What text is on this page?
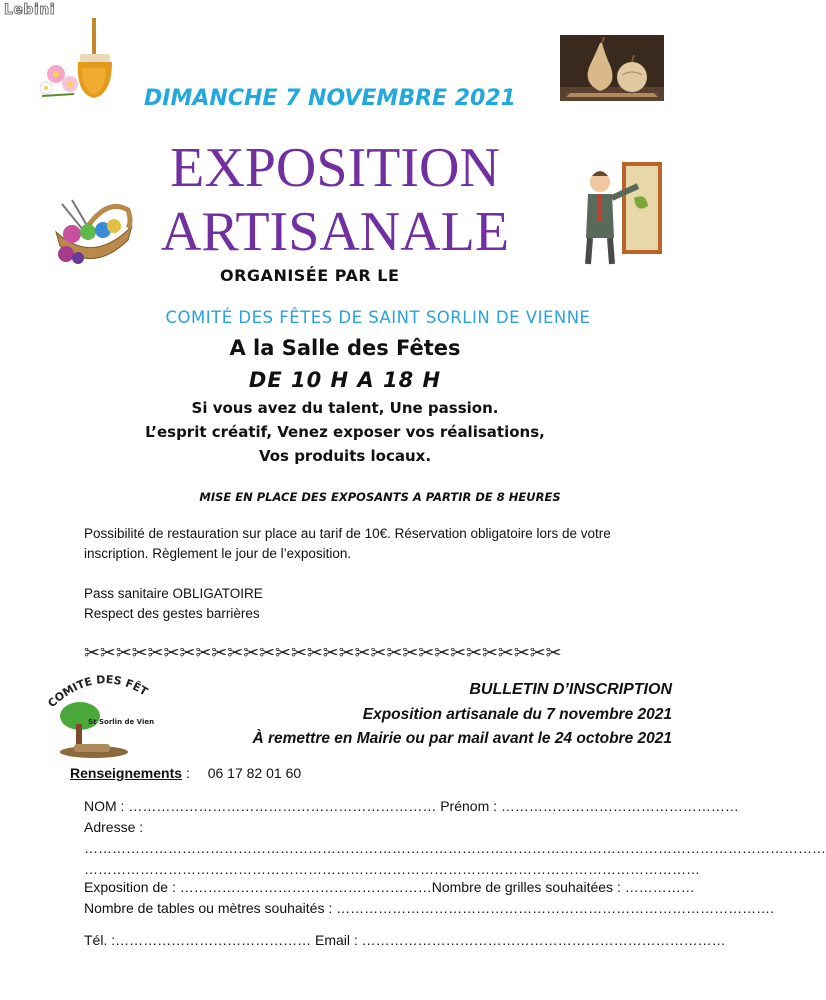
Lebini
DIMANCHE 7 NOVEMBRE 2021
EXPOSITION
ARTISANALE
ORGANISÉE PAR LE
COMITÉ DES FÊTES DE SAINT SORLIN DE VIENNE
A la Salle des Fêtes
DE 10 H A 18 H
Si vous avez du talent, Une passion.
L’esprit créatif, Venez exposer vos réalisations,
Vos produits locaux.
MISE EN PLACE DES EXPOSANTS A PARTIR DE 8 HEURES
Possibilité de restauration sur place au tarif de 10€. Réservation obligatoire lors de votre inscription. Règlement le jour de l’exposition.
Pass sanitaire OBLIGATOIRE
Respect des gestes barrières
✂✂✂✂✂✂✂✂✂✂✂✂✂✂✂✂✂✂✂✂✂✂✂✂✂✂✂✂✂✂
COMITE DES FÊT
St Sorlin de Vien
BULLETIN D’INSCRIPTION
Exposition artisanale du 7 novembre 2021
À remettre en Mairie ou par mail avant le 24 octobre 2021
Renseignements : 06 17 82 01 60
NOM : ………………………………………………………… Prénom : ……………………………………………
Adresse :
……………………………………………………………………………………………………………………………………………
……………………………………………………………………………………………………………………
Exposition de : ………………………………………………Nombre de grilles souhaitées : ……………
Nombre de tables ou mètres souhaités : ………………………………………………………………………………….
Tél. :…………………………………… Email : ……………………………………………………………………
